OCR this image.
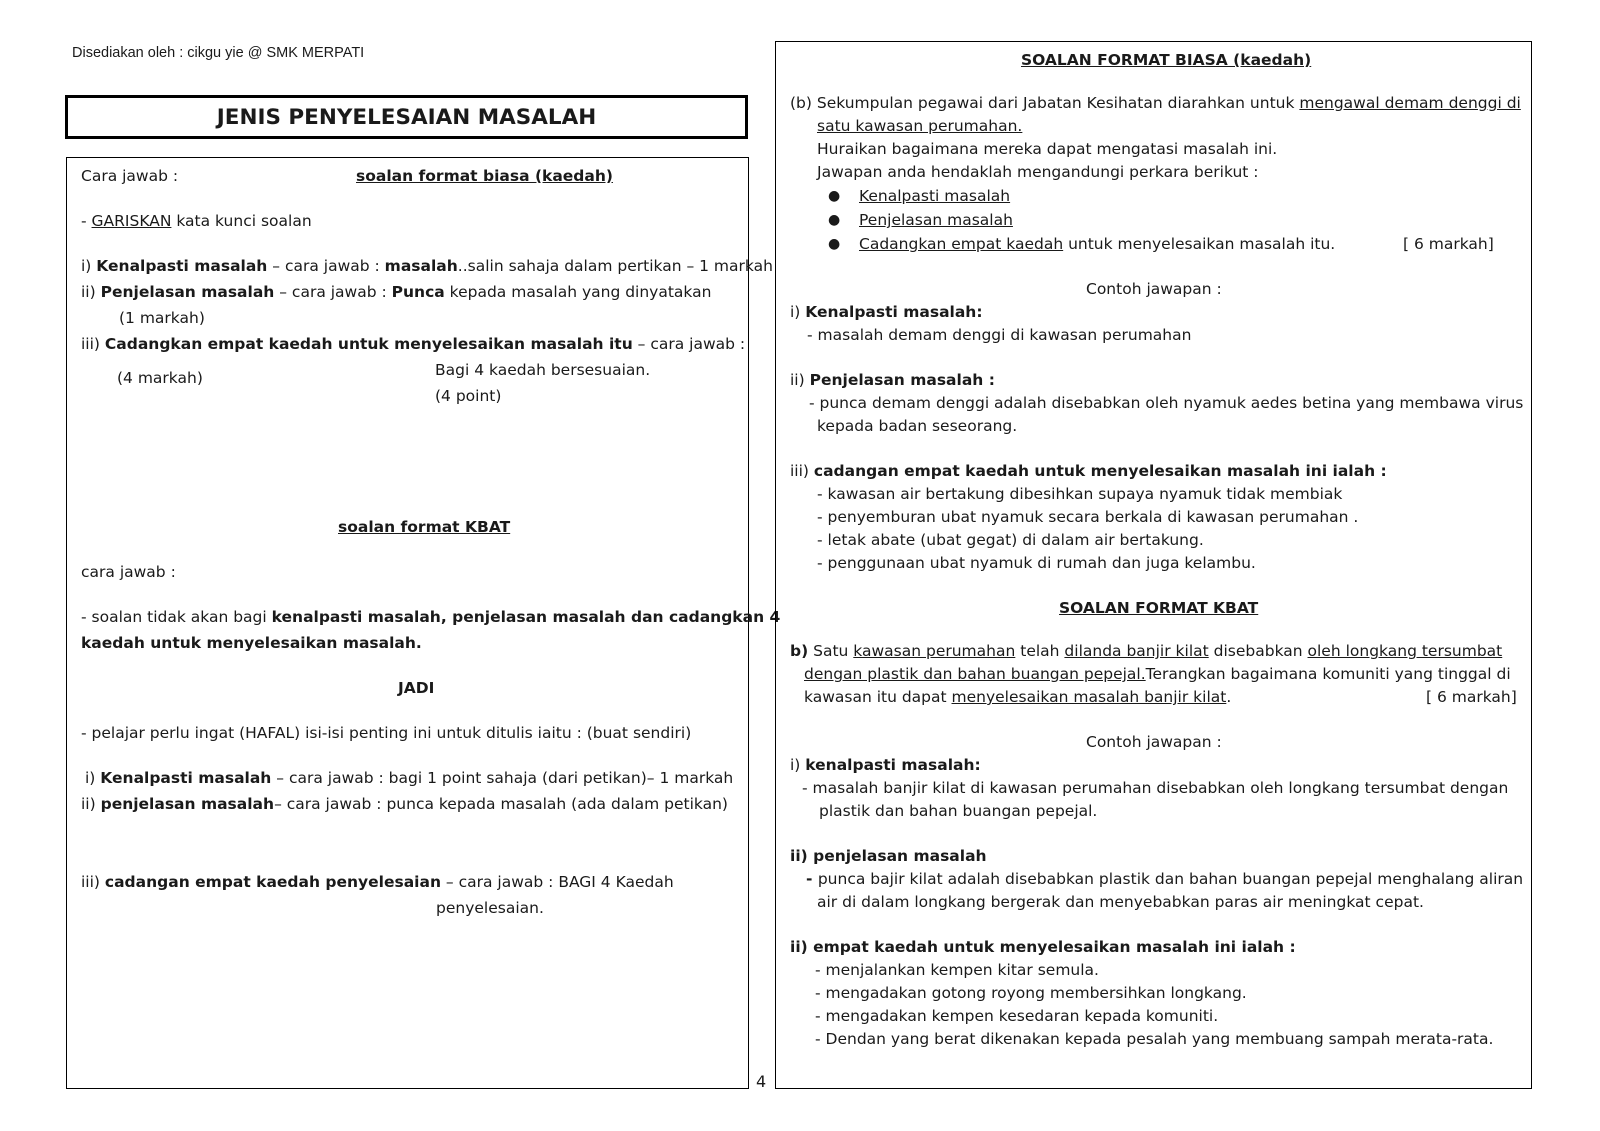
Disediakan oleh : cikgu yie @ SMK MERPATI
JENIS PENYELESAIAN MASALAH
Cara jawab :	soalan format biasa (kaedah)
- GARISKAN kata kunci soalan
i) Kenalpasti masalah – cara jawab : masalah..salin sahaja dalam pertikan – 1 markah
ii) Penjelasan masalah – cara jawab : Punca kepada masalah yang dinyatakan
(1 markah)
iii) Cadangkan empat kaedah untuk menyelesaikan masalah itu – cara jawab :
(4 markah)	Bagi 4 kaedah bersesuaian.
(4 point)
soalan format KBAT
cara jawab :
- soalan tidak akan bagi kenalpasti masalah, penjelasan masalah dan cadangkan 4
kaedah untuk menyelesaikan masalah.
JADI
- pelajar perlu ingat (HAFAL) isi-isi penting ini untuk ditulis iaitu : (buat sendiri)
i) Kenalpasti masalah – cara jawab : bagi 1 point sahaja (dari petikan)– 1 markah
ii) penjelasan masalah– cara jawab : punca kepada masalah (ada dalam petikan)
iii) cadangan empat kaedah penyelesaian – cara jawab : BAGI 4 Kaedah
penyelesaian.
4
SOALAN FORMAT BIASA (kaedah)
(b) Sekumpulan pegawai dari Jabatan Kesihatan diarahkan untuk mengawal demam denggi di
satu kawasan perumahan.
Huraikan bagaimana mereka dapat mengatasi masalah ini.
Jawapan anda hendaklah mengandungi perkara berikut :
● Kenalpasti masalah
● Penjelasan masalah
● Cadangkan empat kaedah untuk menyelesaikan masalah itu.	[ 6 markah]
Contoh jawapan :
i) Kenalpasti masalah:
- masalah demam denggi di kawasan perumahan
ii) Penjelasan masalah :
- punca demam denggi adalah disebabkan oleh nyamuk aedes betina yang membawa virus
kepada badan seseorang.
iii) cadangan empat kaedah untuk menyelesaikan masalah ini ialah :
- kawasan air bertakung dibesihkan supaya nyamuk tidak membiak
- penyemburan ubat nyamuk secara berkala di kawasan perumahan .
- letak abate (ubat gegat) di dalam air bertakung.
- penggunaan ubat nyamuk di rumah dan juga kelambu.
SOALAN FORMAT KBAT
b) Satu kawasan perumahan telah dilanda banjir kilat disebabkan oleh longkang tersumbat
dengan plastik dan bahan buangan pepejal.Terangkan bagaimana komuniti yang tinggal di
kawasan itu dapat menyelesaikan masalah banjir kilat.	[ 6 markah]
Contoh jawapan :
i) kenalpasti masalah:
- masalah banjir kilat di kawasan perumahan disebabkan oleh longkang tersumbat dengan
plastik dan bahan buangan pepejal.
ii) penjelasan masalah
- punca bajir kilat adalah disebabkan plastik dan bahan buangan pepejal menghalang aliran
air di dalam longkang bergerak dan menyebabkan paras air meningkat cepat.
ii) empat kaedah untuk menyelesaikan masalah ini ialah :
- menjalankan kempen kitar semula.
- mengadakan gotong royong membersihkan longkang.
- mengadakan kempen kesedaran kepada komuniti.
- Dendan yang berat dikenakan kepada pesalah yang membuang sampah merata-rata.
